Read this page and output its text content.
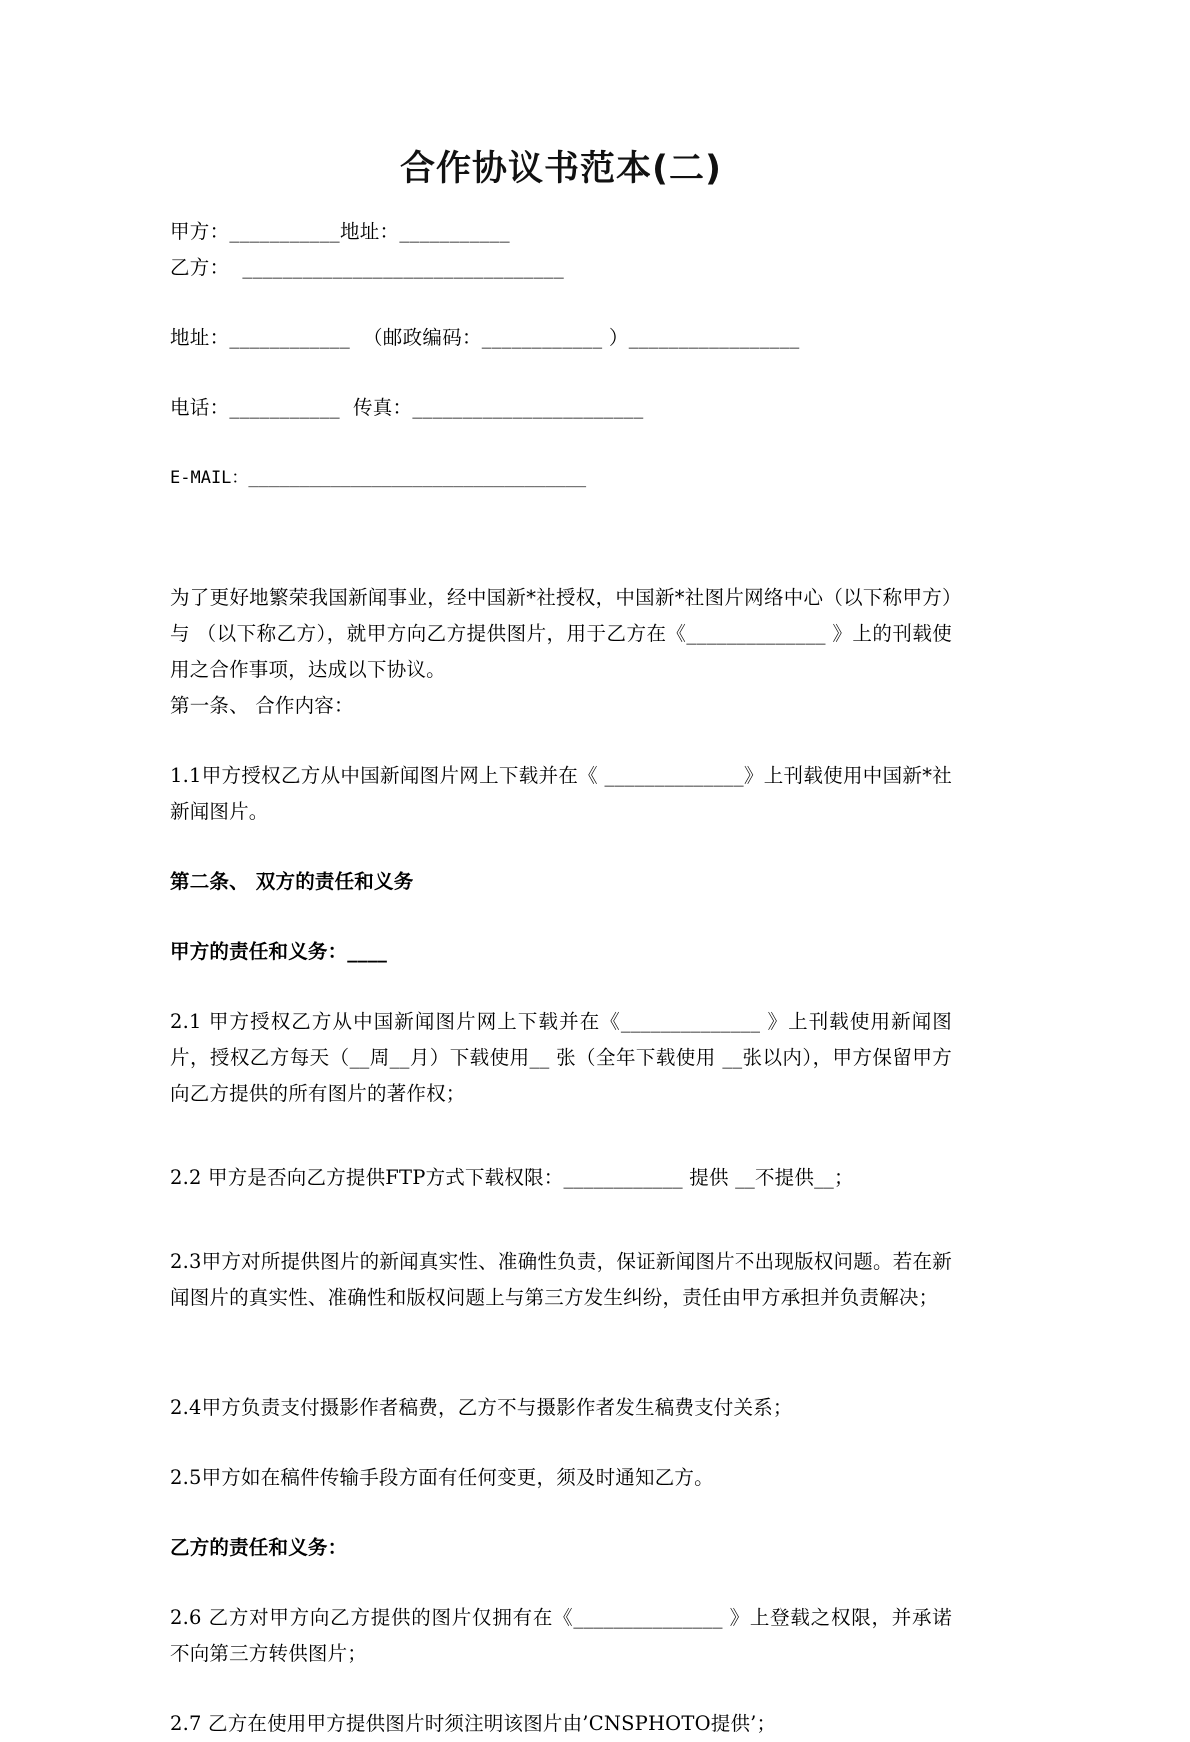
合作协议书范本(二)
甲方：___________地址：___________
乙方：  ________________________________
地址：____________  （邮政编码：____________ ）_________________
电话：___________  传真：_______________________
E-MAIL：_________________________________

为了更好地繁荣我国新闻事业，经中国新*社授权，中国新*社图片网络中心（以下称甲方）与 （以下称乙方），就甲方向乙方提供图片，用于乙方在《______________ 》上的刊载使用之合作事项，达成以下协议。

第一条、 合作内容：

1.1甲方授权乙方从中国新闻图片网上下载并在《 ______________》上刊载使用中国新*社新闻图片。

第二条、 双方的责任和义务

甲方的责任和义务：____

2.1 甲方授权乙方从中国新闻图片网上下载并在《______________ 》上刊载使用新闻图片，授权乙方每天（__周__月）下载使用__ 张（全年下载使用 __张以内），甲方保留甲方向乙方提供的所有图片的著作权；

2.2 甲方是否向乙方提供FTP方式下载权限：____________ 提供 __不提供__；

2.3甲方对所提供图片的新闻真实性、准确性负责，保证新闻图片不出现版权问题。若在新闻图片的真实性、准确性和版权问题上与第三方发生纠纷，责任由甲方承担并负责解决；

2.4甲方负责支付摄影作者稿费，乙方不与摄影作者发生稿费支付关系；

2.5甲方如在稿件传输手段方面有任何变更，须及时通知乙方。

乙方的责任和义务：

2.6 乙方对甲方向乙方提供的图片仅拥有在《_______________ 》上登载之权限，并承诺不向第三方转供图片；

2.7 乙方在使用甲方提供图片时须注明该图片由’CNSPHOTO提供’；
